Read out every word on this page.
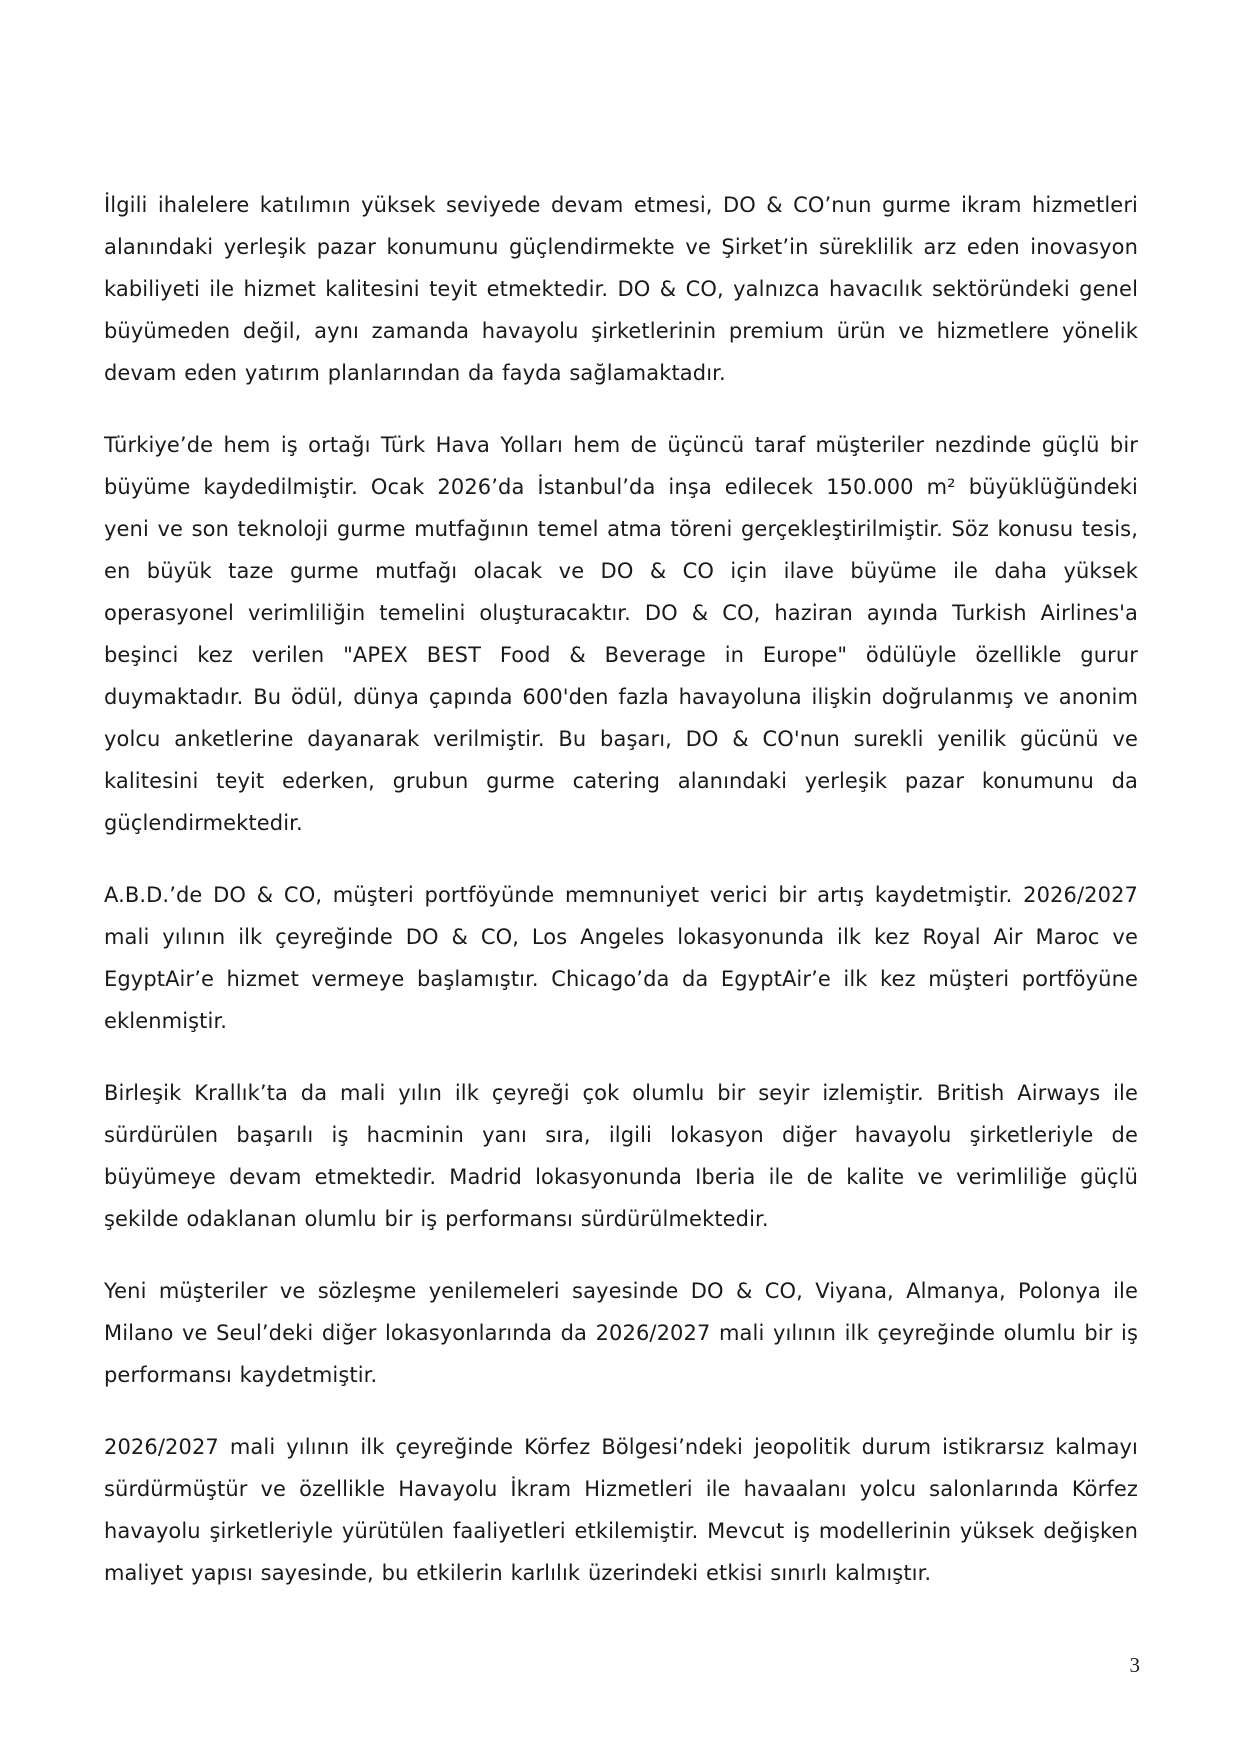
İlgili ihalelere katılımın yüksek seviyede devam etmesi, DO & CO’nun gurme ikram hizmetleri alanındaki yerleşik pazar konumunu güçlendirmekte ve Şirket’in süreklilik arz eden inovasyon kabiliyeti ile hizmet kalitesini teyit etmektedir. DO & CO, yalnızca havacılık sektöründeki genel büyümeden değil, aynı zamanda havayolu şirketlerinin premium ürün ve hizmetlere yönelik devam eden yatırım planlarından da fayda sağlamaktadır.

Türkiye’de hem iş ortağı Türk Hava Yolları hem de üçüncü taraf müşteriler nezdinde güçlü bir büyüme kaydedilmiştir. Ocak 2026’da İstanbul’da inşa edilecek 150.000 m² büyüklüğündeki yeni ve son teknoloji gurme mutfağının temel atma töreni gerçekleştirilmiştir. Söz konusu tesis, en büyük taze gurme mutfağı olacak ve DO & CO için ilave büyüme ile daha yüksek operasyonel verimliliğin temelini oluşturacaktır. DO & CO, haziran ayında Turkish Airlines'a beşinci kez verilen "APEX BEST Food & Beverage in Europe" ödülüyle özellikle gurur duymaktadır. Bu ödül, dünya çapında 600'den fazla havayoluna ilişkin doğrulanmış ve anonim yolcu anketlerine dayanarak verilmiştir. Bu başarı, DO & CO'nun surekli yenilik gücünü ve kalitesini teyit ederken, grubun gurme catering alanındaki yerleşik pazar konumunu da güçlendirmektedir.

A.B.D.’de DO & CO, müşteri portföyünde memnuniyet verici bir artış kaydetmiştir. 2026/2027 mali yılının ilk çeyreğinde DO & CO, Los Angeles lokasyonunda ilk kez Royal Air Maroc ve EgyptAir’e hizmet vermeye başlamıştır. Chicago’da da EgyptAir’e ilk kez müşteri portföyüne eklenmiştir.

Birleşik Krallık’ta da mali yılın ilk çeyreği çok olumlu bir seyir izlemiştir. British Airways ile sürdürülen başarılı iş hacminin yanı sıra, ilgili lokasyon diğer havayolu şirketleriyle de büyümeye devam etmektedir. Madrid lokasyonunda Iberia ile de kalite ve verimliliğe güçlü şekilde odaklanan olumlu bir iş performansı sürdürülmektedir.

Yeni müşteriler ve sözleşme yenilemeleri sayesinde DO & CO, Viyana, Almanya, Polonya ile Milano ve Seul’deki diğer lokasyonlarında da 2026/2027 mali yılının ilk çeyreğinde olumlu bir iş performansı kaydetmiştir.

2026/2027 mali yılının ilk çeyreğinde Körfez Bölgesi’ndeki jeopolitik durum istikrarsız kalmayı sürdürmüştür ve özellikle Havayolu İkram Hizmetleri ile havaalanı yolcu salonlarında Körfez havayolu şirketleriyle yürütülen faaliyetleri etkilemiştir. Mevcut iş modellerinin yüksek değişken maliyet yapısı sayesinde, bu etkilerin karlılık üzerindeki etkisi sınırlı kalmıştır.

3
